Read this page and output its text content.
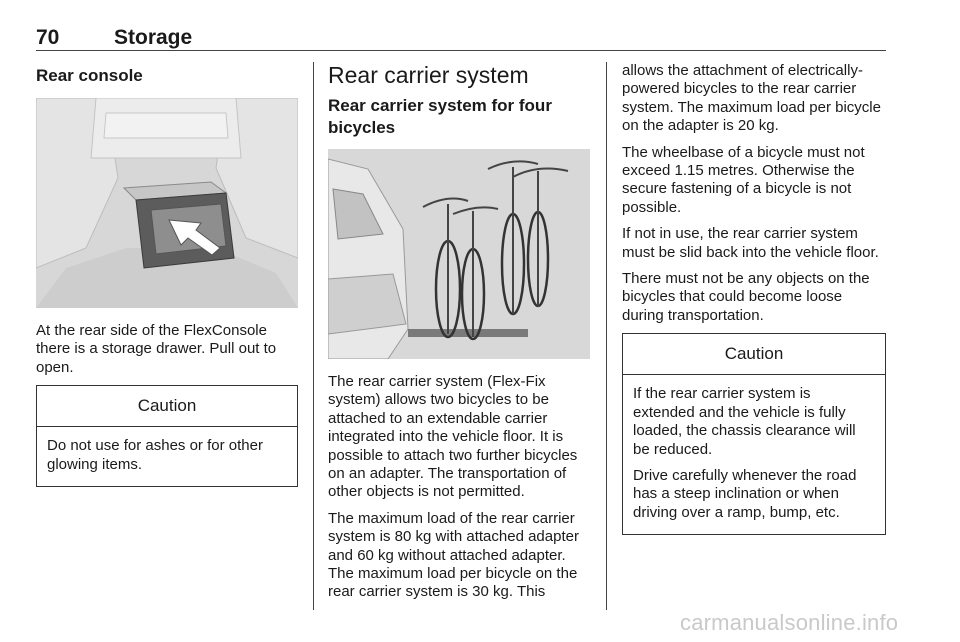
70	Storage
Rear console

At the rear side of the FlexConsole there is a storage drawer. Pull out to open.

Caution

Do not use for ashes or for other glowing items.

Rear carrier system
Rear carrier system for four bicycles

The rear carrier system (Flex-Fix system) allows two bicycles to be attached to an extendable carrier integrated into the vehicle floor. It is possible to attach two further bicycles on an adapter. The transportation of other objects is not permitted.

The maximum load of the rear carrier system is 80 kg with attached adapter and 60 kg without attached adapter. The maximum load per bicycle on the rear carrier system is 30 kg. This

allows the attachment of electrically-powered bicycles to the rear carrier system. The maximum load per bicycle on the adapter is 20 kg.

The wheelbase of a bicycle must not exceed 1.15 metres. Otherwise the secure fastening of a bicycle is not possible.

If not in use, the rear carrier system must be slid back into the vehicle floor.

There must not be any objects on the bicycles that could become loose during transportation.

Caution

If the rear carrier system is extended and the vehicle is fully loaded, the chassis clearance will be reduced.

Drive carefully whenever the road has a steep inclination or when driving over a ramp, bump, etc.

carmanualsonline.info
